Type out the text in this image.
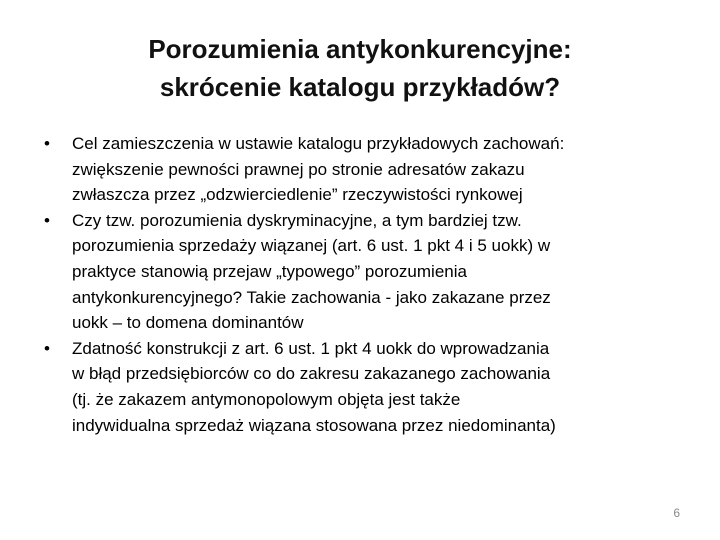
Porozumienia antykonkurencyjne:
skrócenie katalogu przykładów?
• Cel zamieszczenia w ustawie katalogu przykładowych zachowań:
zwiększenie pewności prawnej po stronie adresatów zakazu
zwłaszcza przez „odzwierciedlenie” rzeczywistości rynkowej
• Czy tzw. porozumienia dyskryminacyjne, a tym bardziej tzw.
porozumienia sprzedaży wiązanej (art. 6 ust. 1 pkt 4 i 5 uokk) w
praktyce stanowią przejaw „typowego” porozumienia
antykonkurencyjnego? Takie zachowania - jako zakazane przez
uokk – to domena dominantów
• Zdatność konstrukcji z art. 6 ust. 1 pkt 4 uokk do wprowadzania
w błąd przedsiębiorców co do zakresu zakazanego zachowania
(tj. że zakazem antymonopolowym objęta jest także
indywidualna sprzedaż wiązana stosowana przez niedominanta)
6
